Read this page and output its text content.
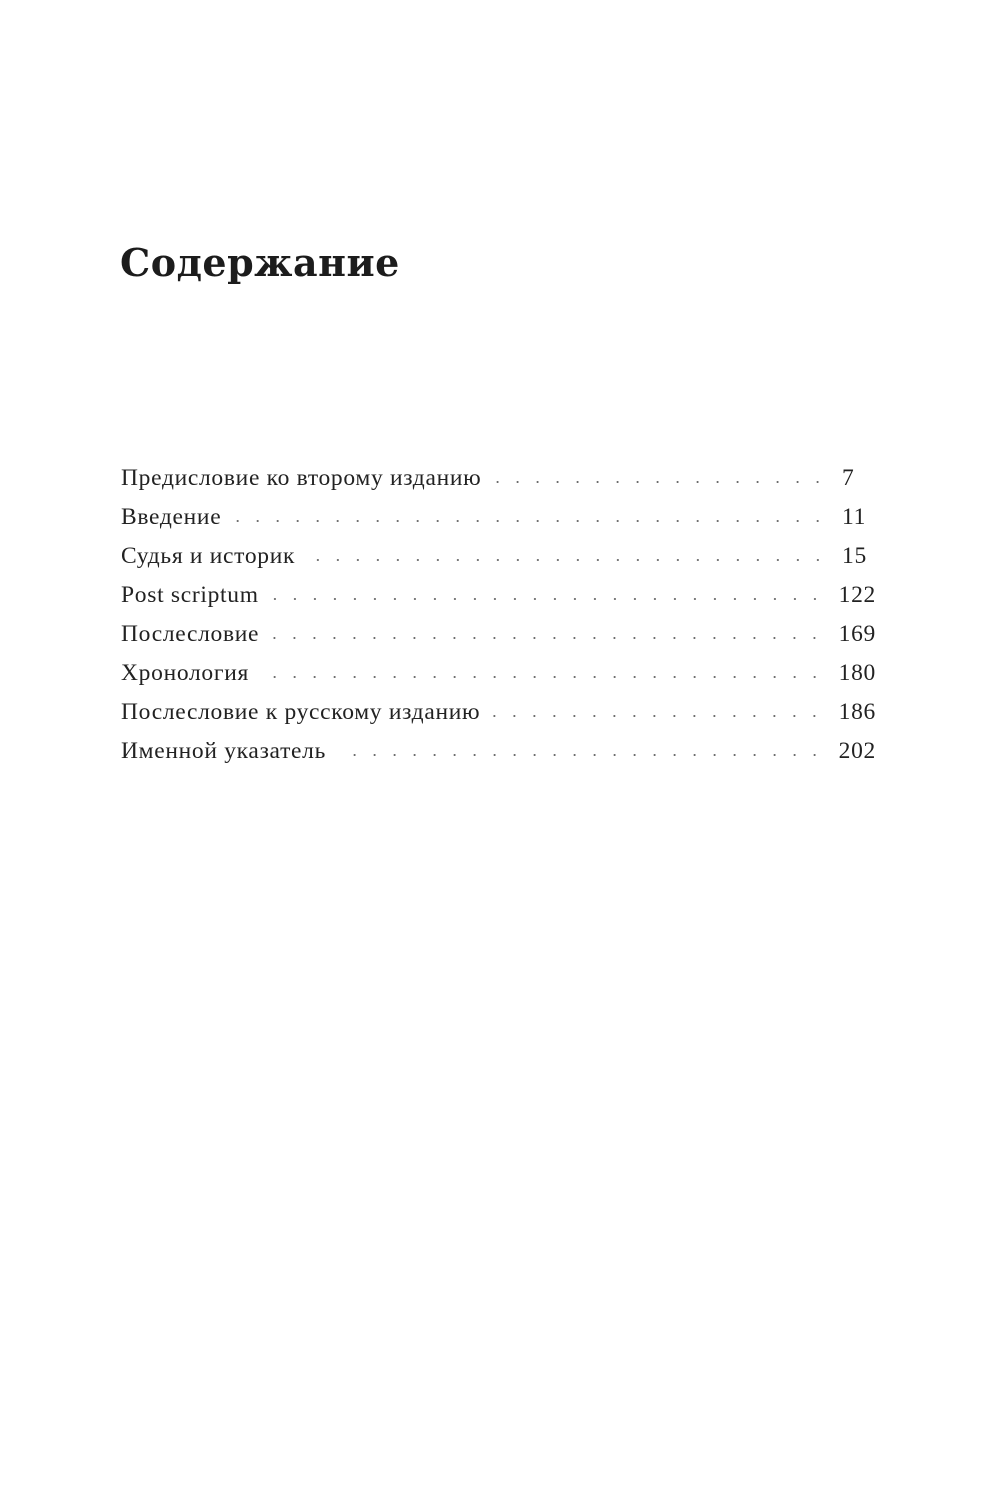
Содержание
Предисловие ко второму изданию	7
Введение	11
Судья и историк	15
Post scriptum	122
Послесловие	169
Хронология	180
Послесловие к русскому изданию	186
Именной указатель	202
